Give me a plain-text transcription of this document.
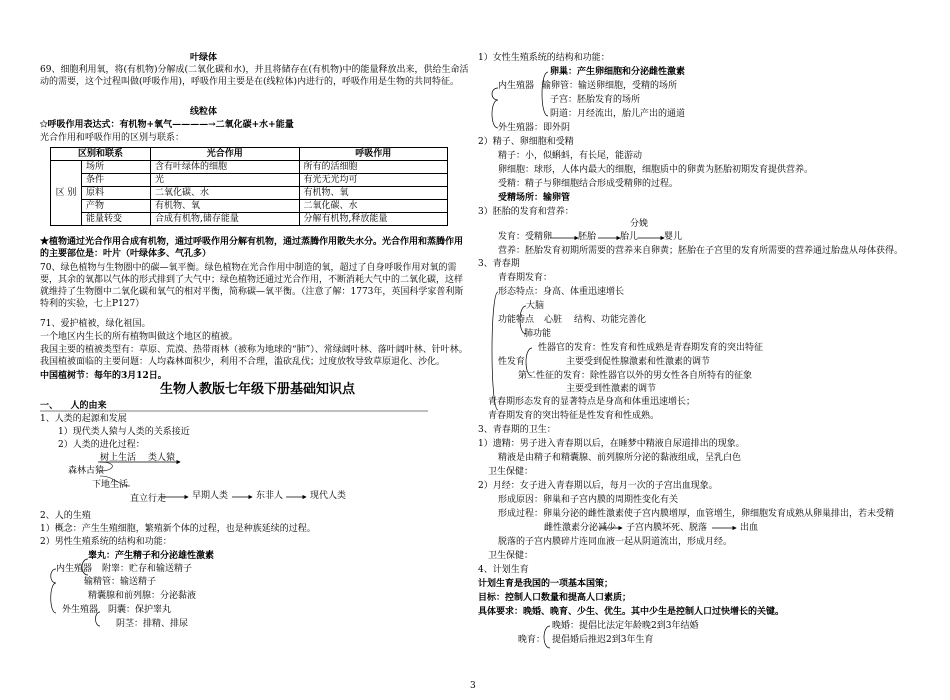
叶绿体
69、细胞利用氧，将(有机物)分解成(二氧化碳和水)，并且将储存在(有机物)中的能量释放出来，供给生命活动的需要，这个过程叫做(呼吸作用)，呼吸作用主要是在(线粒体)内进行的，呼吸作用是生物的共同特征。
线粒体
✩呼吸作用表达式：有机物+氧气————→二氧化碳+水+能量
光合作用和呼吸作用的区别与联系：
区别和联系		光合作用	呼吸作用
区 别	场所	含有叶绿体的细胞	所有的活细胞
	条件	光	有光无光均可
	原料	二氧化碳、水	有机物、氧
	产物	有机物、氧	二氧化碳、水
	能量转变	合成有机物,储存能量	分解有机物,释放能量
★植物通过光合作用合成有机物，通过呼吸作用分解有机物，通过蒸腾作用散失水分。光合作用和蒸腾作用的主要部位是：叶片（叶绿体多、气孔多）
70、绿色植物与生物圈中的碳—氧平衡。绿色植物在光合作用中制造的氧，超过了自身呼吸作用对氧的需要，其余的氧都以气体的形式排到了大气中；绿色植物还通过光合作用，不断消耗大气中的二氧化碳，这样就维持了生物圈中二氧化碳和氧气的相对平衡，简称碳—氧平衡。（注意了解：1773年，英国科学家普利斯特利的实验，七上P127）
71、爱护植被，绿化祖国。
一个地区内生长的所有植物叫做这个地区的植被。
我国主要的植被类型有：草原、荒漠、热带雨林（被称为地球的“肺”）、常绿阔叶林、落叶阔叶林、针叶林。我国植被面临的主要问题：人均森林面积少，利用不合理，滥砍乱伐；过度放牧导致草原退化、沙化。
中国植树节：每年的3月12日。
生物人教版七年级下册基础知识点
一、    人的由来
1、人类的起源和发展
1）现代类人猿与人类的关系接近
2）人类的进化过程：
树上生活 类人猿
森林古猿
下地生活
直立行走	早期人类	东非人	现代人类
2、人的生殖
1）概念：产生生殖细胞，繁殖新个体的过程，也是种族延续的过程。
2）男性生殖系统的结构和功能：
睾丸：产生精子和分泌雄性激素
内生殖器 附睾：贮存和输送精子
输精管：输送精子
精囊腺和前列腺：分泌黏液
外生殖器 阴囊：保护睾丸
阴茎：排精、排尿
1）女性生殖系统的结构和功能：
卵巢：产生卵细胞和分泌雌性激素
内生殖器 输卵管：输送卵细胞，受精的场所
子宫：胚胎发育的场所
阴道：月经流出，胎儿产出的通道
外生殖器：即外阴
2）精子、卵细胞和受精
精子：小，似蝌蚪，有长尾，能游动
卵细胞：球形，人体内最大的细胞，细胞质中的卵黄为胚胎初期发育提供营养。
受精：精子与卵细胞结合形成受精卵的过程。
受精场所：输卵管
3）胚胎的发育和营养：
分娩
发育：受精卵	胚胎	胎儿	婴儿
营养：胚胎发育初期所需要的营养来自卵黄；胚胎在子宫里的发育所需要的营养通过胎盘从母体获得。
3、青春期
青春期发育：
形态特点：身高、体重迅速增长
大脑
功能特点 心脏 结构、功能完善化
肺功能
性器官的发育：性发育和性成熟是青春期发育的突出特征
性发育	主要受到促性腺激素和性激素的调节
第二性征的发育：除性器官以外的男女性各自所特有的征象
主要受到性激素的调节
青春期形态发育的显著特点是身高和体重迅速增长；
青春期发育的突出特征是性发育和性成熟。
3、青春期的卫生：
1）遗精：男子进入青春期以后，在睡梦中精液自尿道排出的现象。
精液是由精子和精囊腺、前列腺所分泌的黏液组成，呈乳白色
卫生保健：
2）月经：女子进入青春期以后，每月一次的子宫出血现象。
形成原因：卵巢和子宫内膜的周期性变化有关
形成过程：卵巢分泌的雌性激素使子宫内膜增厚，血管增生，卵细胞发育成熟从卵巢排出，若未受精
雌性激素分泌减少 子宫内膜坏死、脱落	出血
脱落的子宫内膜碎片连同血液一起从阴道流出，形成月经。
卫生保健：
4、计划生育
计划生育是我国的一项基本国策；
目标：控制人口数量和提高人口素质；
具体要求：晚婚、晚育、少生、优生。其中少生是控制人口过快增长的关键。
晚婚：提倡比法定年龄晚2到3年结婚
晚育： 提倡婚后推迟2到3年生育
3
